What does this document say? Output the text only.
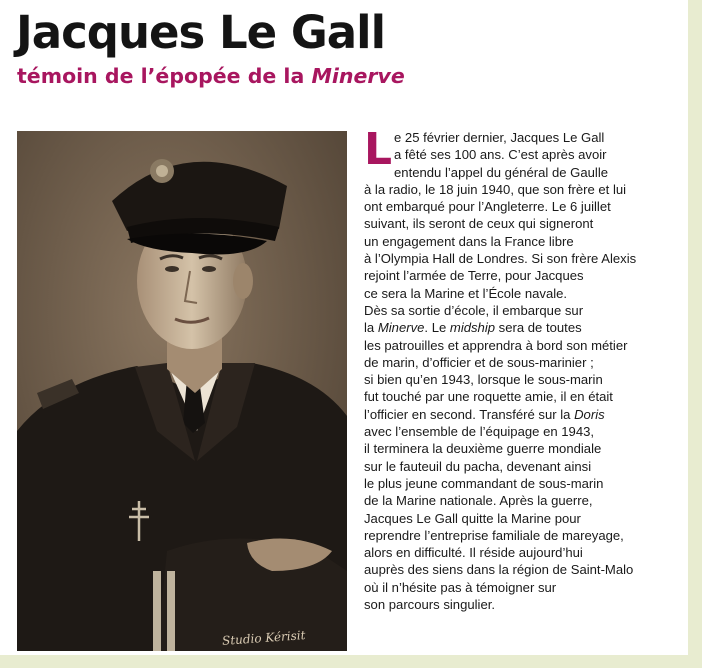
Jacques Le Gall
témoin de l’épopée de la Minerve
Studio Kérisit
L e 25 février dernier, Jacques Le Gall
a fêté ses 100 ans. C’est après avoir
entendu l’appel du général de Gaulle
à la radio, le 18 juin 1940, que son frère et lui
ont embarqué pour l’Angleterre. Le 6 juillet
suivant, ils seront de ceux qui signeront
un engagement dans la France libre
à l’Olympia Hall de Londres. Si son frère Alexis
rejoint l’armée de Terre, pour Jacques
ce sera la Marine et l’École navale.
Dès sa sortie d’école, il embarque sur
la Minerve. Le midship sera de toutes
les patrouilles et apprendra à bord son métier
de marin, d’officier et de sous-marinier ;
si bien qu’en 1943, lorsque le sous-marin
fut touché par une roquette amie, il en était
l’officier en second. Transféré sur la Doris
avec l’ensemble de l’équipage en 1943,
il terminera la deuxième guerre mondiale
sur le fauteuil du pacha, devenant ainsi
le plus jeune commandant de sous-marin
de la Marine nationale. Après la guerre,
Jacques Le Gall quitte la Marine pour
reprendre l’entreprise familiale de mareyage,
alors en difficulté. Il réside aujourd’hui
auprès des siens dans la région de Saint-Malo
où il n’hésite pas à témoigner sur
son parcours singulier.
